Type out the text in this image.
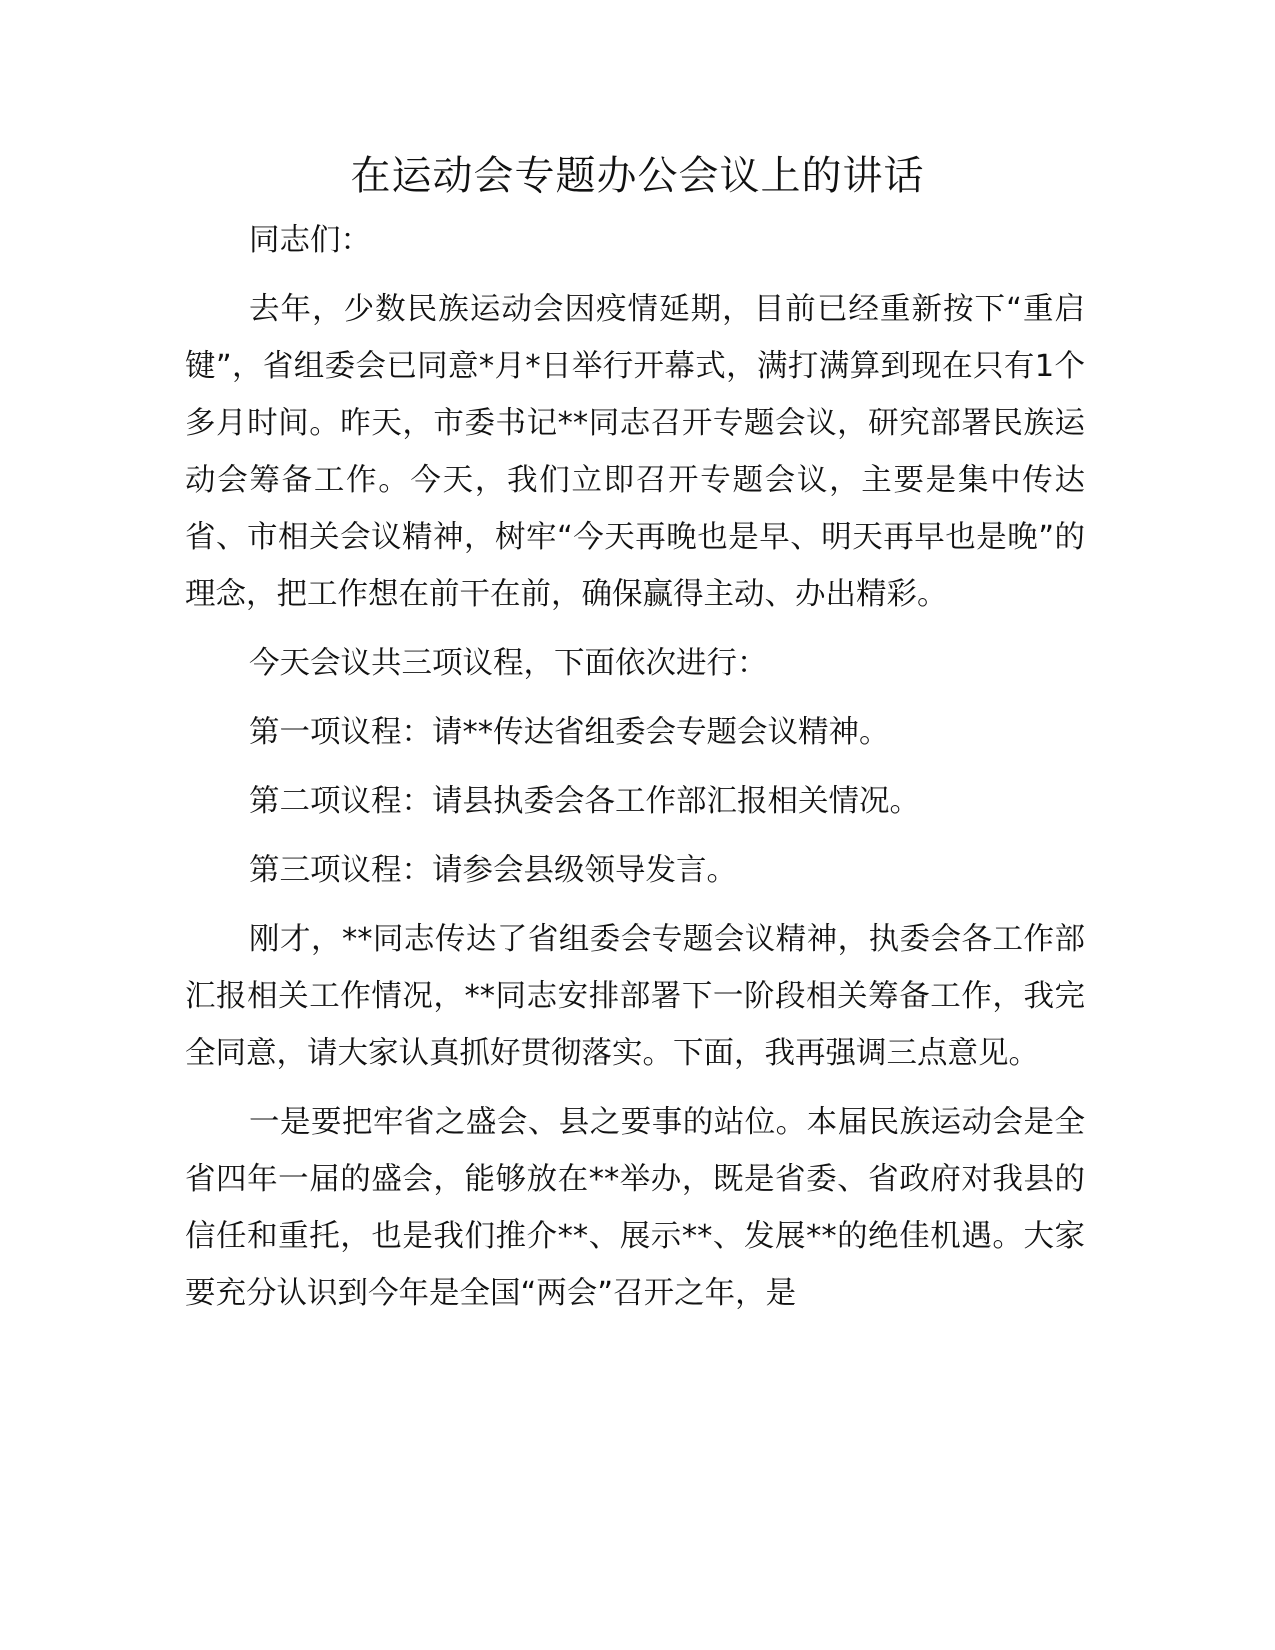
在运动会专题办公会议上的讲话

同志们：

去年，少数民族运动会因疫情延期，目前已经重新按下“重启键”，省组委会已同意*月*日举行开幕式，满打满算到现在只有1个多月时间。昨天，市委书记**同志召开专题会议，研究部署民族运动会筹备工作。今天，我们立即召开专题会议，主要是集中传达省、市相关会议精神，树牢“今天再晚也是早、明天再早也是晚”的理念，把工作想在前干在前，确保赢得主动、办出精彩。

今天会议共三项议程，下面依次进行：

第一项议程：请**传达省组委会专题会议精神。

第二项议程：请县执委会各工作部汇报相关情况。

第三项议程：请参会县级领导发言。

刚才，**同志传达了省组委会专题会议精神，执委会各工作部汇报相关工作情况，**同志安排部署下一阶段相关筹备工作，我完全同意，请大家认真抓好贯彻落实。下面，我再强调三点意见。

一是要把牢省之盛会、县之要事的站位。本届民族运动会是全省四年一届的盛会，能够放在**举办，既是省委、省政府对我县的信任和重托，也是我们推介**、展示**、发展**的绝佳机遇。大家要充分认识到今年是全国“两会”召开之年，是
